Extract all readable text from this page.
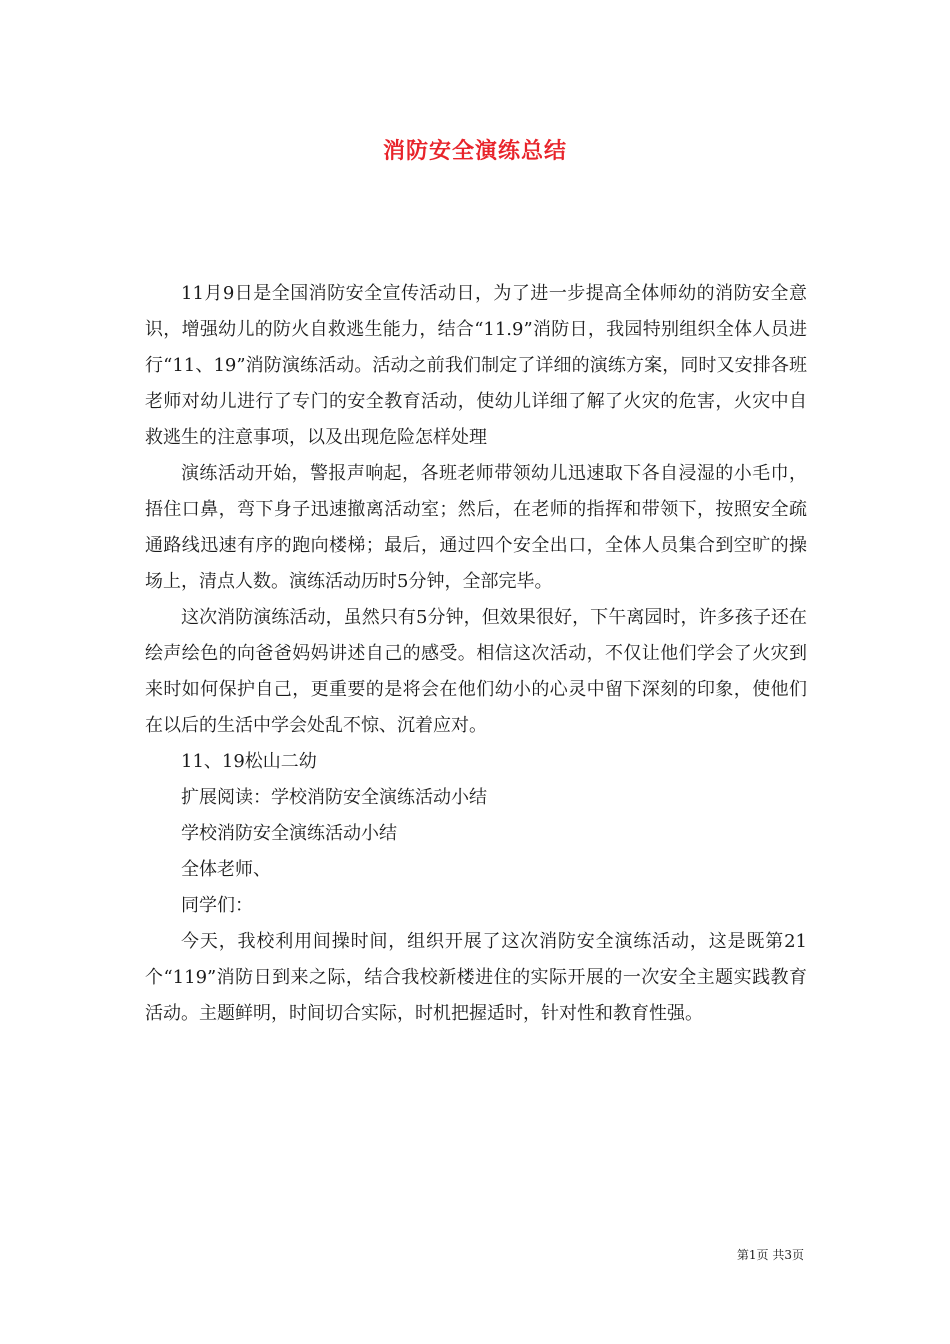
消防安全演练总结

11月9日是全国消防安全宣传活动日，为了进一步提高全体师幼的消防安全意识，增强幼儿的防火自救逃生能力，结合“11.9”消防日，我园特别组织全体人员进行“11、19”消防演练活动。活动之前我们制定了详细的演练方案，同时又安排各班老师对幼儿进行了专门的安全教育活动，使幼儿详细了解了火灾的危害，火灾中自救逃生的注意事项，以及出现危险怎样处理

演练活动开始，警报声响起，各班老师带领幼儿迅速取下各自浸湿的小毛巾，捂住口鼻，弯下身子迅速撤离活动室；然后，在老师的指挥和带领下，按照安全疏通路线迅速有序的跑向楼梯；最后，通过四个安全出口，全体人员集合到空旷的操场上，清点人数。演练活动历时5分钟，全部完毕。

这次消防演练活动，虽然只有5分钟，但效果很好，下午离园时，许多孩子还在绘声绘色的向爸爸妈妈讲述自己的感受。相信这次活动，不仅让他们学会了火灾到来时如何保护自己，更重要的是将会在他们幼小的心灵中留下深刻的印象，使他们在以后的生活中学会处乱不惊、沉着应对。

11、19松山二幼

扩展阅读：学校消防安全演练活动小结

学校消防安全演练活动小结

全体老师、

同学们：

今天，我校利用间操时间，组织开展了这次消防安全演练活动，这是既第21个“119”消防日到来之际，结合我校新楼进住的实际开展的一次安全主题实践教育活动。主题鲜明，时间切合实际，时机把握适时，针对性和教育性强。

第1页 共3页
